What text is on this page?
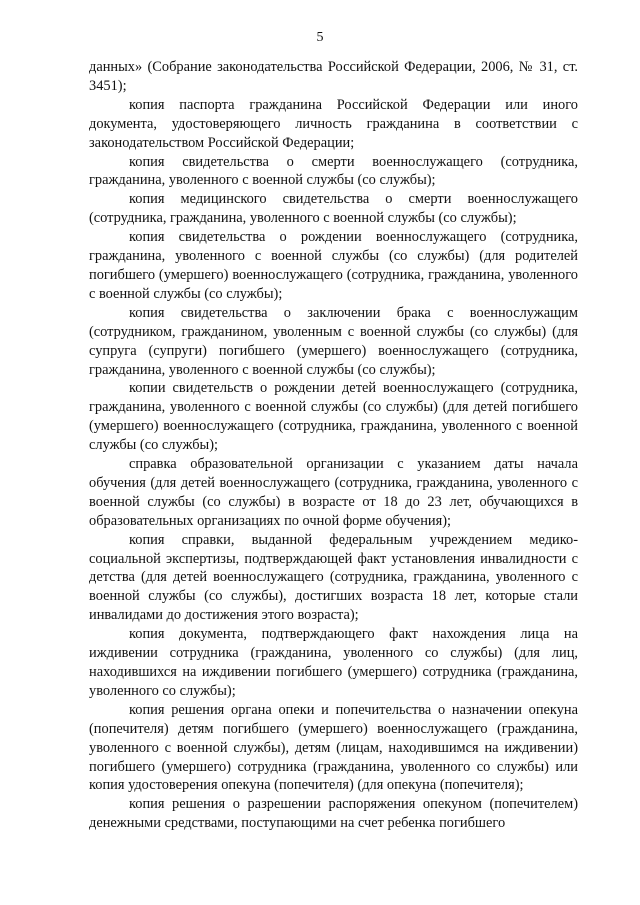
5

данных» (Собрание законодательства Российской Федерации, 2006, № 31, ст. 3451);

копия паспорта гражданина Российской Федерации или иного документа, удостоверяющего личность гражданина в соответствии с законодательством Российской Федерации;

копия свидетельства о смерти военнослужащего (сотрудника, гражданина, уволенного с военной службы (со службы);

копия медицинского свидетельства о смерти военнослужащего (сотрудника, гражданина, уволенного с военной службы (со службы);

копия свидетельства о рождении военнослужащего (сотрудника, гражданина, уволенного с военной службы (со службы) (для родителей погибшего (умершего) военнослужащего (сотрудника, гражданина, уволенного с военной службы (со службы);

копия свидетельства о заключении брака с военнослужащим (сотрудником, гражданином, уволенным с военной службы (со службы) (для супруга (супруги) погибшего (умершего) военнослужащего (сотрудника, гражданина, уволенного с военной службы (со службы);

копии свидетельств о рождении детей военнослужащего (сотрудника, гражданина, уволенного с военной службы (со службы) (для детей погибшего (умершего) военнослужащего (сотрудника, гражданина, уволенного с военной службы (со службы);

справка образовательной организации с указанием даты начала обучения (для детей военнослужащего (сотрудника, гражданина, уволенного с военной службы (со службы) в возрасте от 18 до 23 лет, обучающихся в образовательных организациях по очной форме обучения);

копия справки, выданной федеральным учреждением медико-социальной экспертизы, подтверждающей факт установления инвалидности с детства (для детей военнослужащего (сотрудника, гражданина, уволенного с военной службы (со службы), достигших возраста 18 лет, которые стали инвалидами до достижения этого возраста);

копия документа, подтверждающего факт нахождения лица на иждивении сотрудника (гражданина, уволенного со службы) (для лиц, находившихся на иждивении погибшего (умершего) сотрудника (гражданина, уволенного со службы);

копия решения органа опеки и попечительства о назначении опекуна (попечителя) детям погибшего (умершего) военнослужащего (гражданина, уволенного с военной службы), детям (лицам, находившимся на иждивении) погибшего (умершего) сотрудника (гражданина, уволенного со службы) или копия удостоверения опекуна (попечителя) (для опекуна (попечителя);

копия решения о разрешении распоряжения опекуном (попечителем) денежными средствами, поступающими на счет ребенка погибшего
